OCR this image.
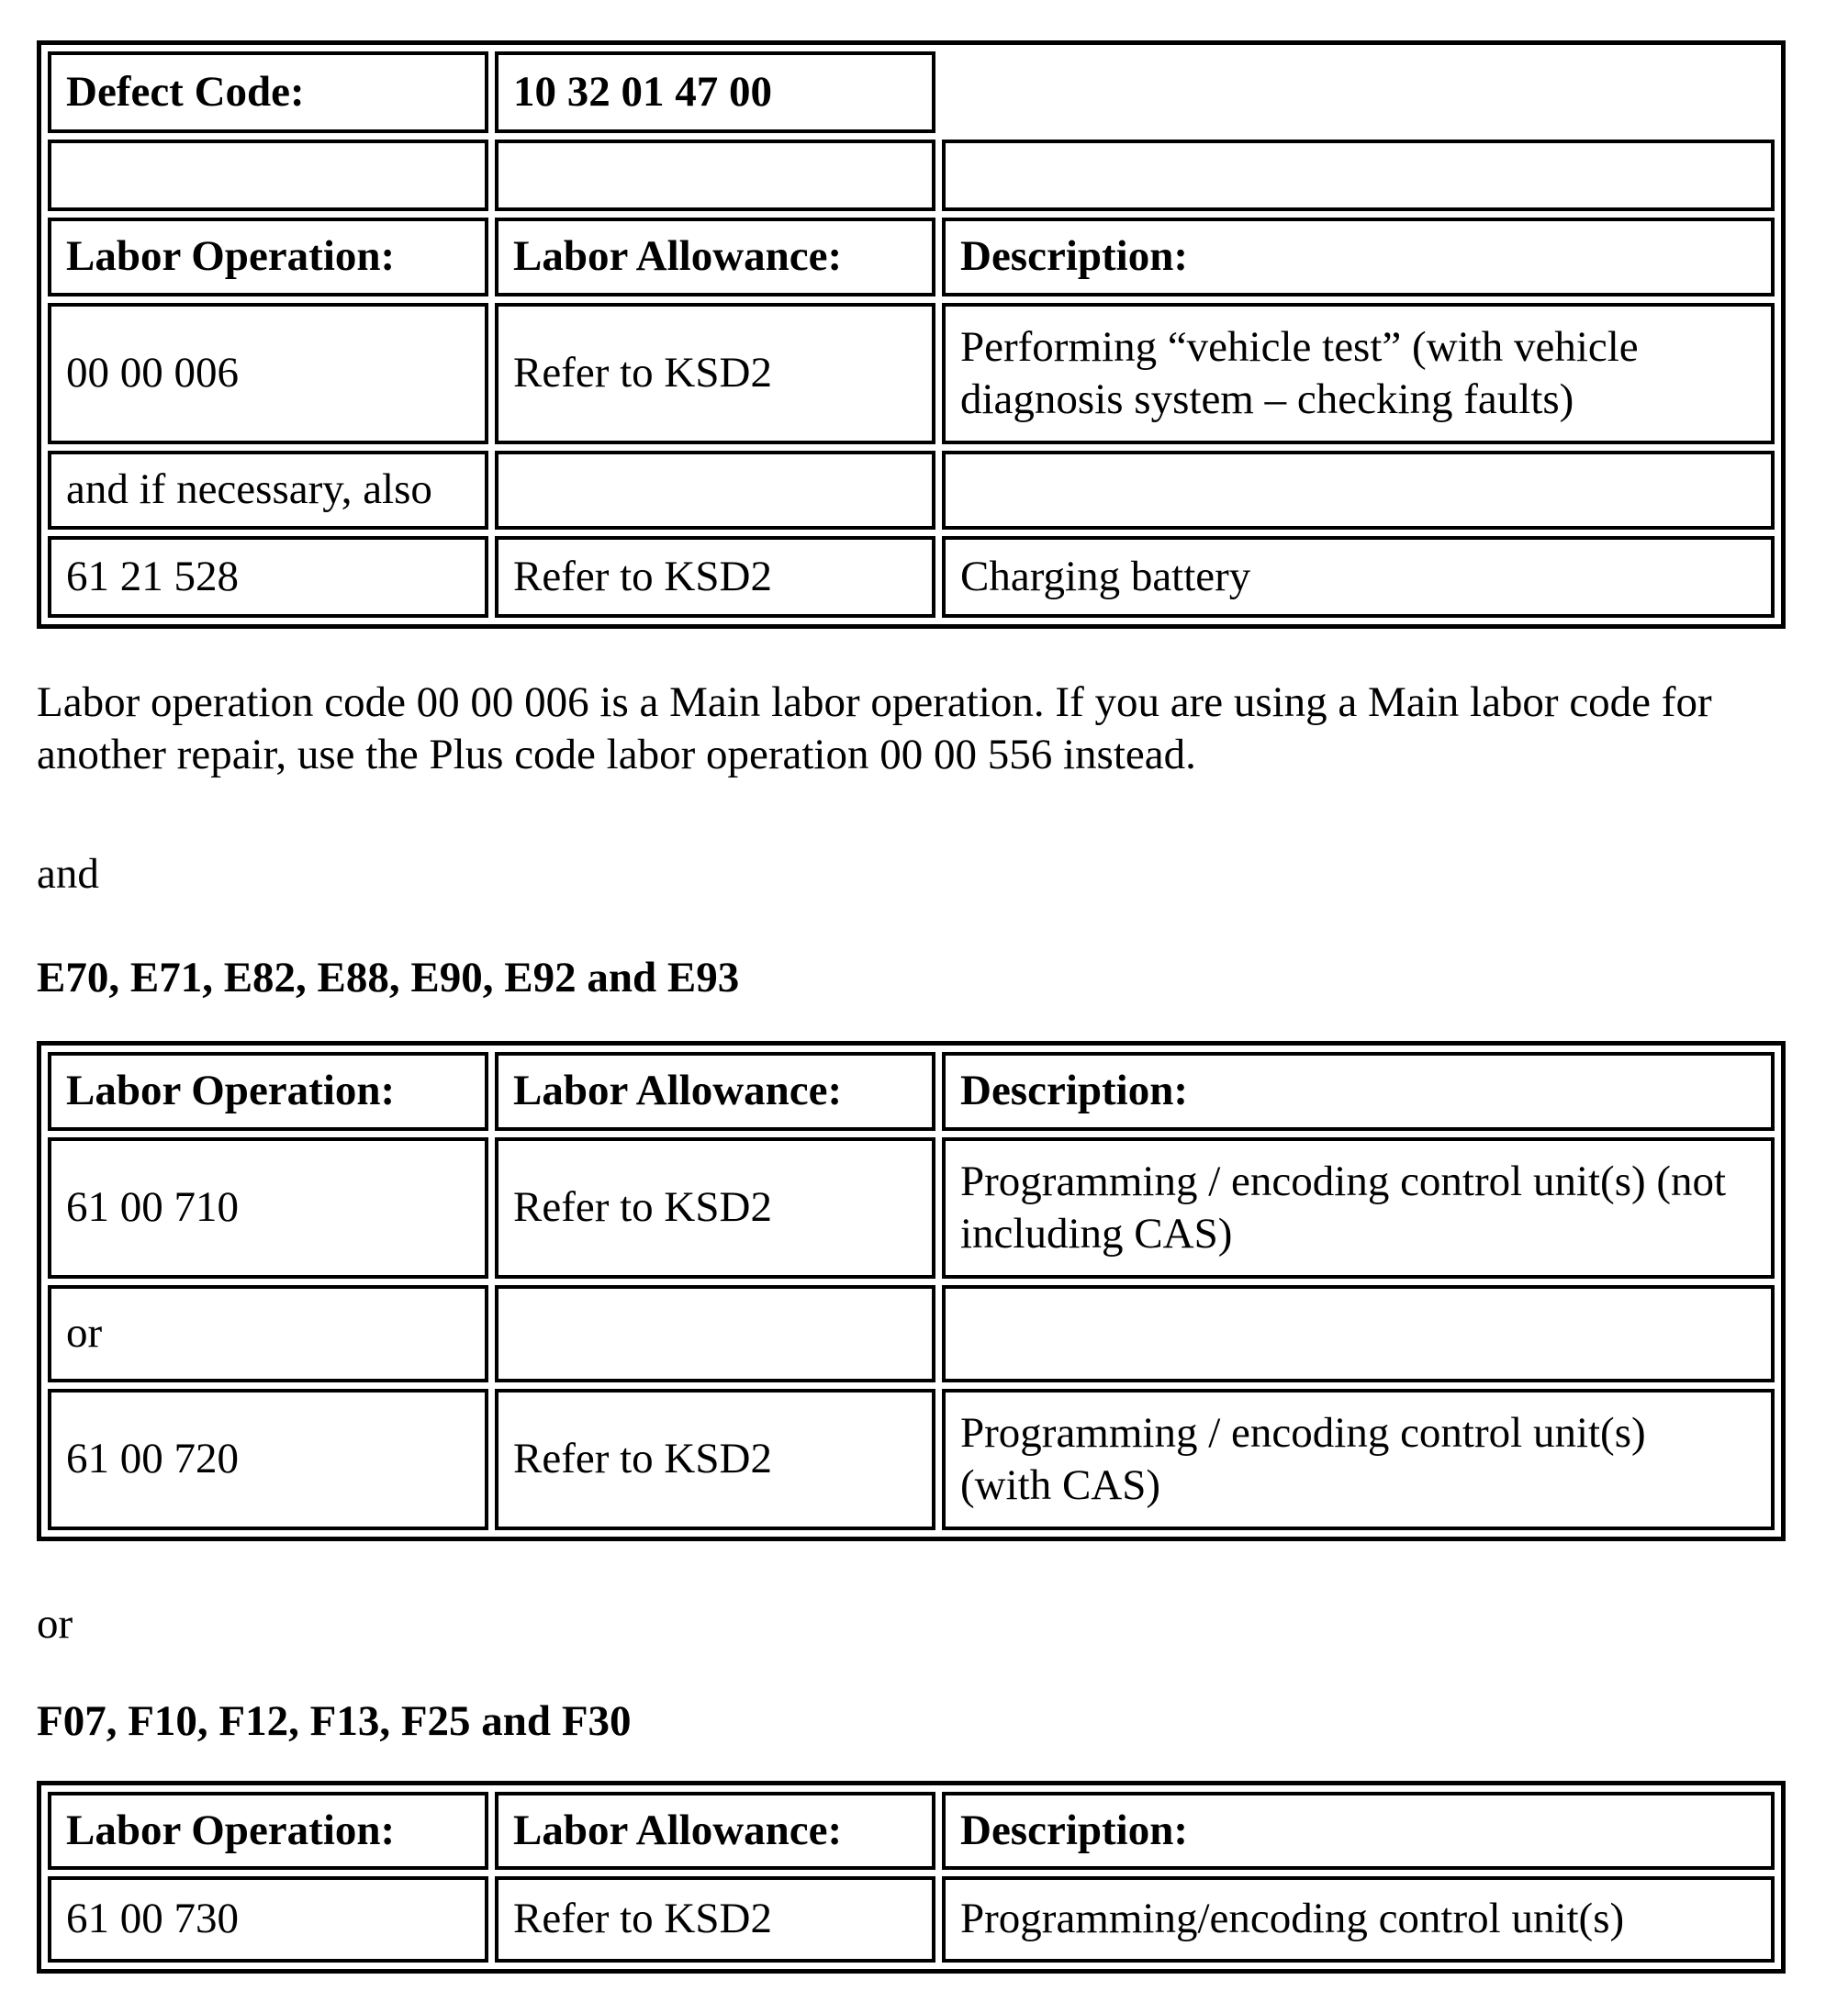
Defect Code:	10 32 01 47 00	

Labor Operation:	Labor Allowance:	Description:
00 00 006	Refer to KSD2	Performing “vehicle test” (with vehicle diagnosis system – checking faults)
and if necessary, also		
61 21 528	Refer to KSD2	Charging battery

Labor operation code 00 00 006 is a Main labor operation. If you are using a Main labor code for another repair, use the Plus code labor operation 00 00 556 instead.

and

E70, E71, E82, E88, E90, E92 and E93

Labor Operation:	Labor Allowance:	Description:
61 00 710	Refer to KSD2	Programming / encoding control unit(s) (not including CAS)
or		
61 00 720	Refer to KSD2	Programming / encoding control unit(s) (with CAS)

or

F07, F10, F12, F13, F25 and F30

Labor Operation:	Labor Allowance:	Description:
61 00 730	Refer to KSD2	Programming/encoding control unit(s)
